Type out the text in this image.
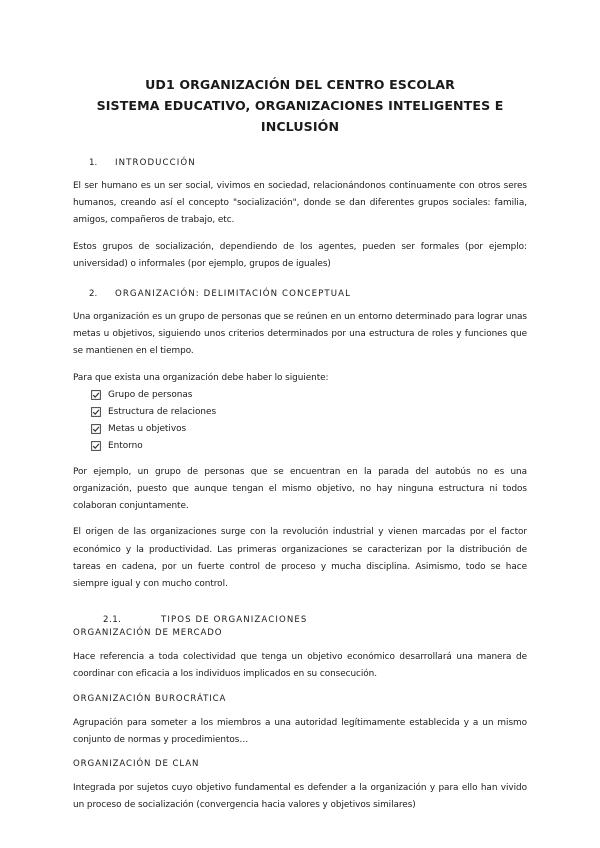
UD1 ORGANIZACIÓN DEL CENTRO ESCOLAR
SISTEMA EDUCATIVO, ORGANIZACIONES INTELIGENTES E INCLUSIÓN
1.	INTRODUCCIÓN

El ser humano es un ser social, vivimos en sociedad, relacionándonos continuamente con otros seres humanos, creando así el concepto "socialización", donde se dan diferentes grupos sociales: familia, amigos, compañeros de trabajo, etc.

Estos grupos de socialización, dependiendo de los agentes, pueden ser formales (por ejemplo: universidad) o informales (por ejemplo, grupos de iguales)

2.	ORGANIZACIÓN: DELIMITACIÓN CONCEPTUAL

Una organización es un grupo de personas que se reúnen en un entorno determinado para lograr unas metas u objetivos, siguiendo unos criterios determinados por una estructura de roles y funciones que se mantienen en el tiempo.

Para que exista una organización debe haber lo siguiente:

Grupo de personas
Estructura de relaciones
Metas u objetivos
Entorno

Por ejemplo, un grupo de personas que se encuentran en la parada del autobús no es una organización, puesto que aunque tengan el mismo objetivo, no hay ninguna estructura ni todos colaboran conjuntamente.

El origen de las organizaciones surge con la revolución industrial y vienen marcadas por el factor económico y la productividad. Las primeras organizaciones se caracterizan por la distribución de tareas en cadena, por un fuerte control de proceso y mucha disciplina. Asimismo, todo se hace siempre igual y con mucho control.

2.1.	TIPOS DE ORGANIZACIONES
ORGANIZACIÓN DE MERCADO

Hace referencia a toda colectividad que tenga un objetivo económico desarrollará una manera de coordinar con eficacia a los individuos implicados en su consecución.

ORGANIZACIÓN BUROCRÁTICA

Agrupación para someter a los miembros a una autoridad legítimamente establecida y a un mismo conjunto de normas y procedimientos…

ORGANIZACIÓN DE CLAN

Integrada por sujetos cuyo objetivo fundamental es defender a la organización y para ello han vivido un proceso de socialización (convergencia hacia valores y objetivos similares)
